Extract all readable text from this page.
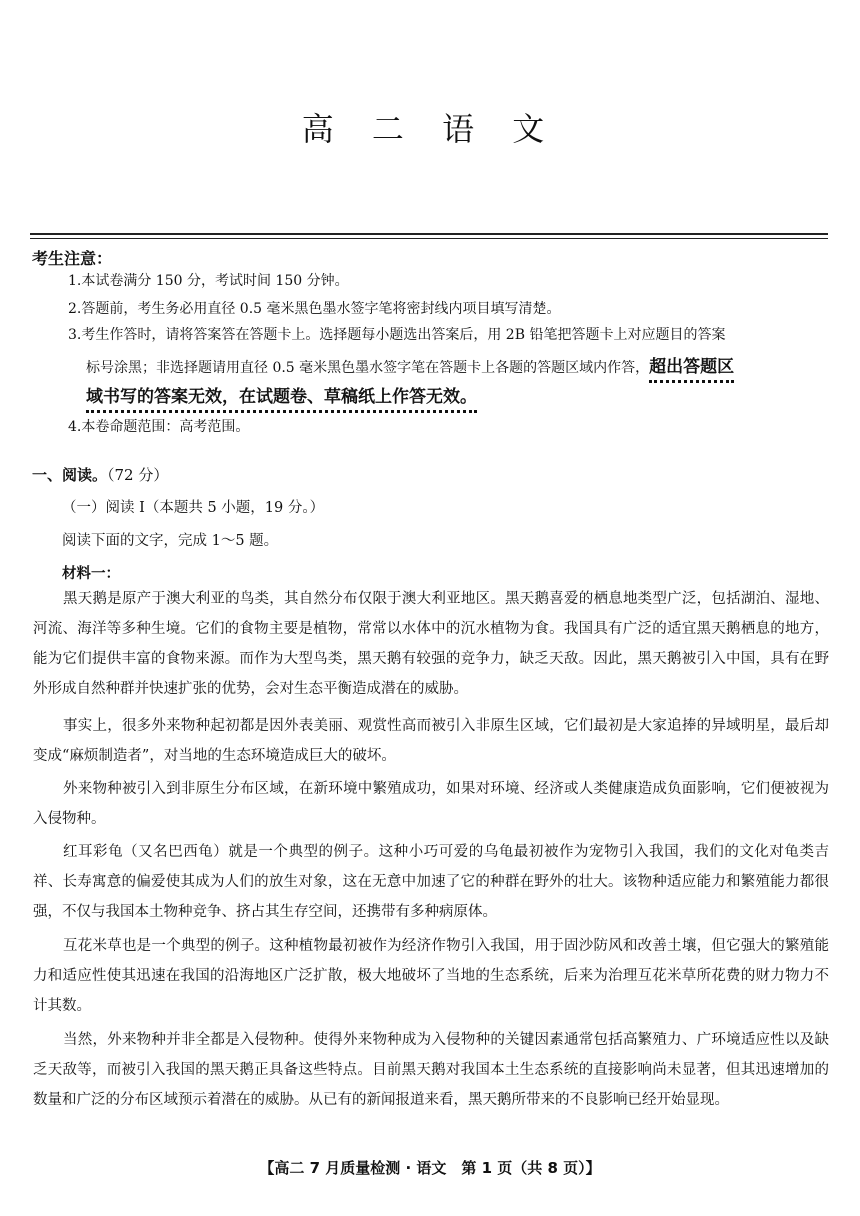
高 二 语 文
考生注意：
1.本试卷满分 150 分，考试时间 150 分钟。
2.答题前，考生务必用直径 0.5 毫米黑色墨水签字笔将密封线内项目填写清楚。
3.考生作答时，请将答案答在答题卡上。选择题每小题选出答案后，用 2B 铅笔把答题卡上对应题目的答案
标号涂黑；非选择题请用直径 0.5 毫米黑色墨水签字笔在答题卡上各题的答题区域内作答，超出答题区
域书写的答案无效，在试题卷、草稿纸上作答无效。
4.本卷命题范围：高考范围。
一、阅读。（72 分）
（一）阅读 Ⅰ（本题共 5 小题，19 分。）
阅读下面的文字，完成 1～5 题。
材料一：
黑天鹅是原产于澳大利亚的鸟类，其自然分布仅限于澳大利亚地区。黑天鹅喜爱的栖息地类型广泛，包括湖泊、湿地、河流、海洋等多种生境。它们的食物主要是植物，常常以水体中的沉水植物为食。我国具有广泛的适宜黑天鹅栖息的地方，能为它们提供丰富的食物来源。而作为大型鸟类，黑天鹅有较强的竞争力，缺乏天敌。因此，黑天鹅被引入中国，具有在野外形成自然种群并快速扩张的优势，会对生态平衡造成潜在的威胁。
事实上，很多外来物种起初都是因外表美丽、观赏性高而被引入非原生区域，它们最初是大家追捧的异域明星，最后却变成“麻烦制造者”，对当地的生态环境造成巨大的破坏。
外来物种被引入到非原生分布区域，在新环境中繁殖成功，如果对环境、经济或人类健康造成负面影响，它们便被视为入侵物种。
红耳彩龟（又名巴西龟）就是一个典型的例子。这种小巧可爱的乌龟最初被作为宠物引入我国，我们的文化对龟类吉祥、长寿寓意的偏爱使其成为人们的放生对象，这在无意中加速了它的种群在野外的壮大。该物种适应能力和繁殖能力都很强，不仅与我国本土物种竞争、挤占其生存空间，还携带有多种病原体。
互花米草也是一个典型的例子。这种植物最初被作为经济作物引入我国，用于固沙防风和改善土壤，但它强大的繁殖能力和适应性使其迅速在我国的沿海地区广泛扩散，极大地破坏了当地的生态系统，后来为治理互花米草所花费的财力物力不计其数。
当然，外来物种并非全都是入侵物种。使得外来物种成为入侵物种的关键因素通常包括高繁殖力、广环境适应性以及缺乏天敌等，而被引入我国的黑天鹅正具备这些特点。目前黑天鹅对我国本土生态系统的直接影响尚未显著，但其迅速增加的数量和广泛的分布区域预示着潜在的威胁。从已有的新闻报道来看，黑天鹅所带来的不良影响已经开始显现。
【高二 7 月质量检测 · 语文　第 1 页（共 8 页）】
